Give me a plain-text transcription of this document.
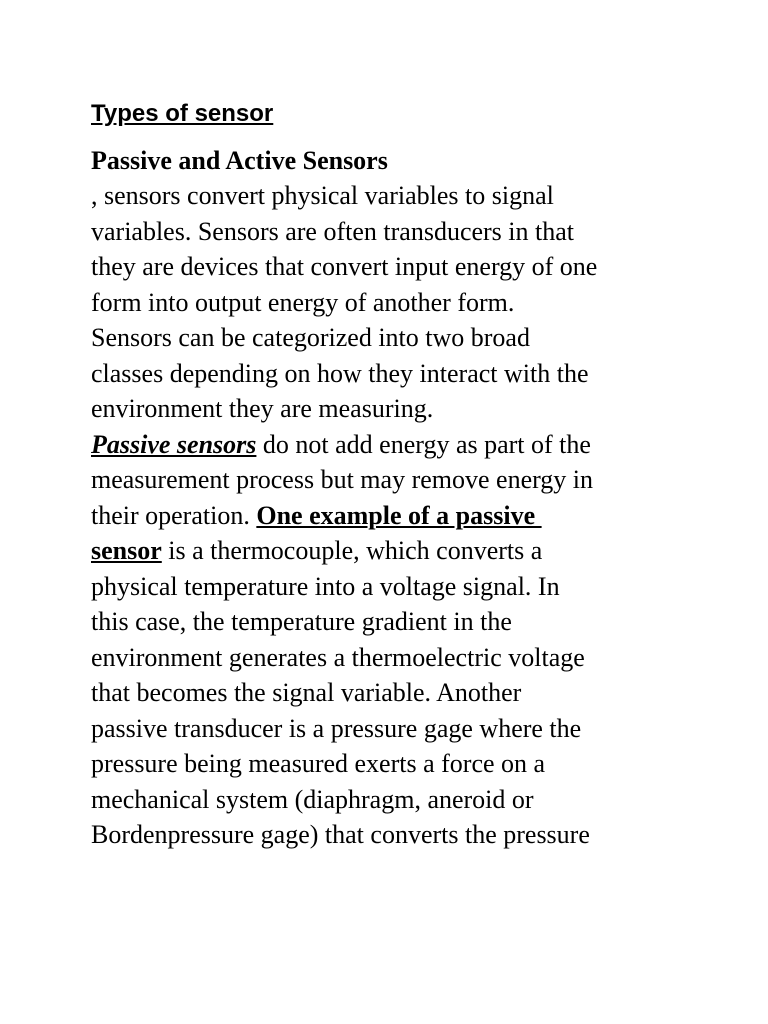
Types of sensor
Passive and Active Sensors

, sensors convert physical variables to signal
variables. Sensors are often transducers in that
they are devices that convert input energy of one
form into output energy of another form.
Sensors can be categorized into two broad
classes depending on how they interact with the
environment they are measuring.

Passive sensors do not add energy as part of the
measurement process but may remove energy in
their operation. One example of a passive
sensor is a thermocouple, which converts a
physical temperature into a voltage signal. In
this case, the temperature gradient in the
environment generates a thermoelectric voltage
that becomes the signal variable. Another
passive transducer is a pressure gage where the
pressure being measured exerts a force on a
mechanical system (diaphragm, aneroid or
Bordenpressure gage) that converts the pressure
